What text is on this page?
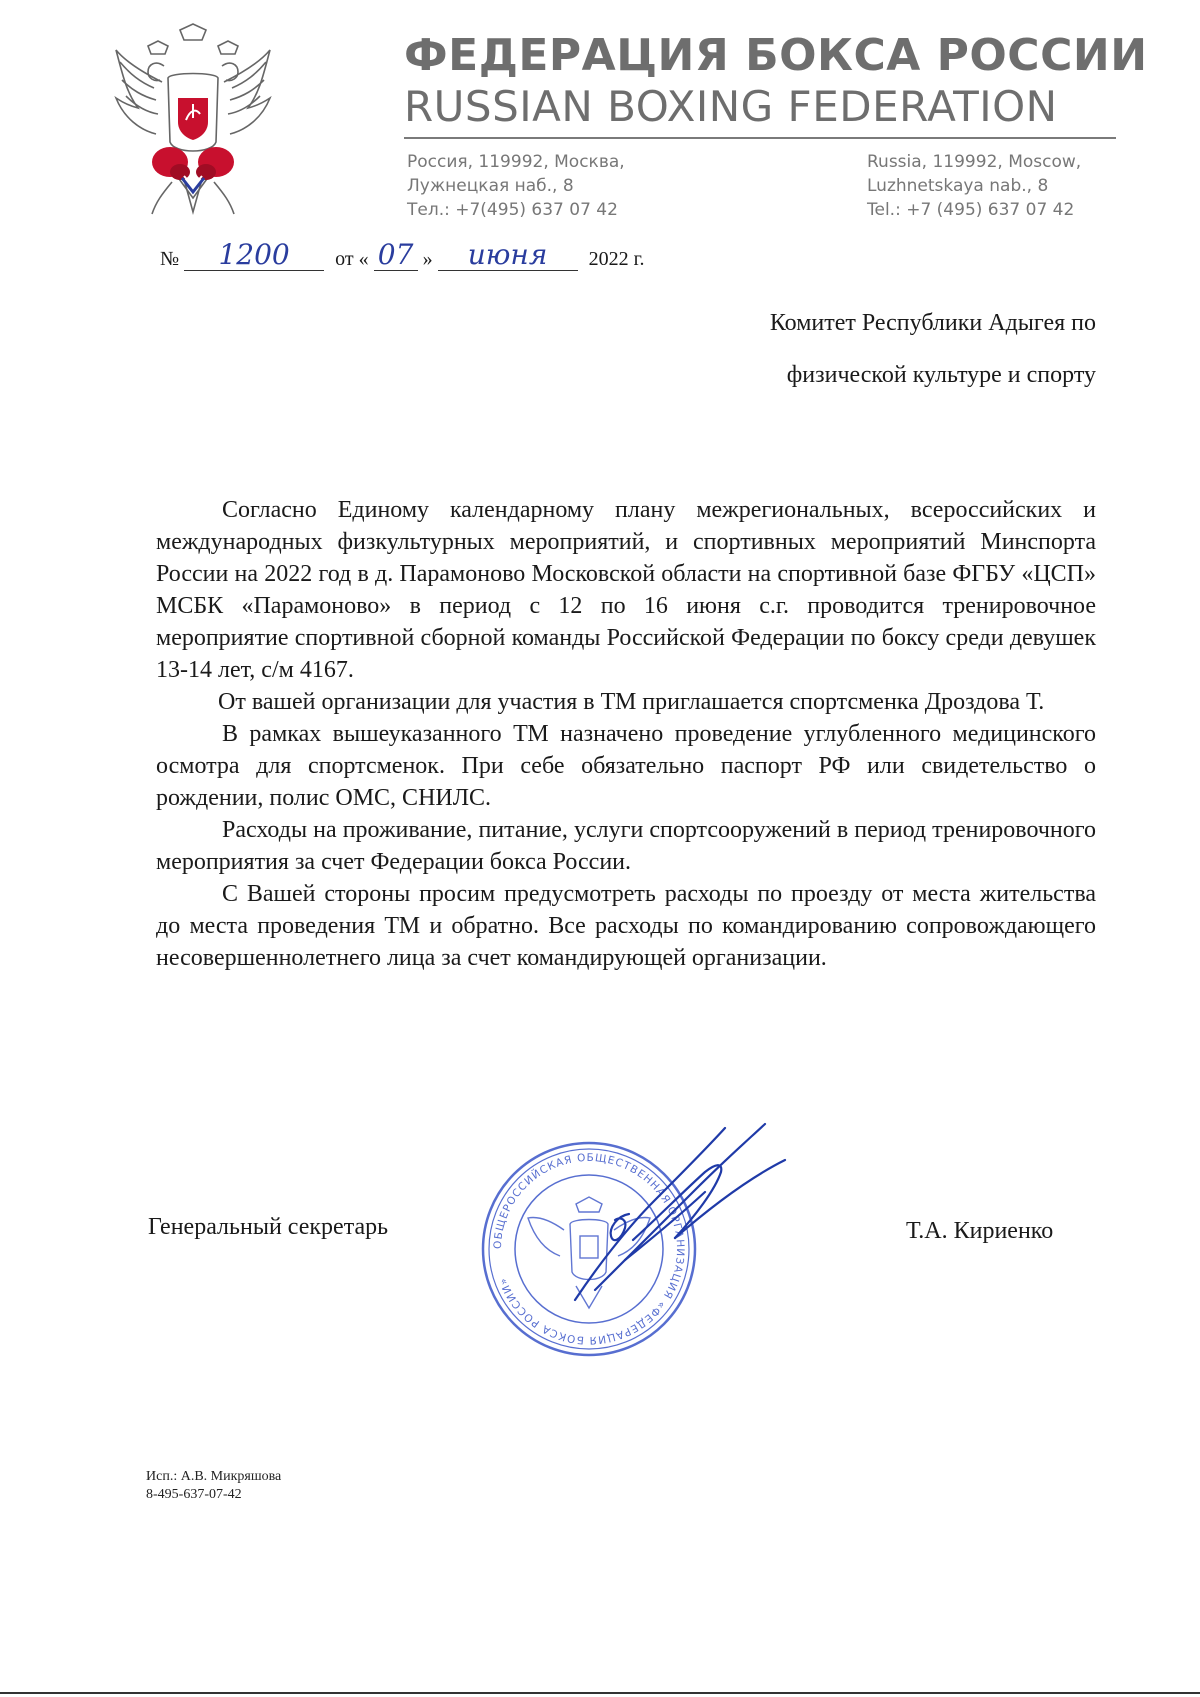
ФЕДЕРАЦИЯ БОКСА РОССИИ
RUSSIAN BOXING FEDERATION
Россия, 119992, Москва,
Лужнецкая наб., 8
Тел.: +7(495) 637 07 42
Russia, 119992, Moscow,
Luzhnetskaya nab., 8
Tel.: +7 (495) 637 07 42
№ 1200 от « 07 » июня 2022 г.
Комитет Республики Адыгея по
физической культуре и спорту

Согласно Единому календарному плану межрегиональных, всероссийских и международных физкультурных мероприятий, и спортивных мероприятий Минспорта России на 2022 год в д. Парамоново Московской области на спортивной базе ФГБУ «ЦСП» МСБК «Парамоново» в период с 12 по 16 июня с.г. проводится тренировочное мероприятие спортивной сборной команды Российской Федерации по боксу среди девушек 13-14 лет, с/м 4167.

От вашей организации для участия в ТМ приглашается спортсменка Дроздова Т.

В рамках вышеуказанного ТМ назначено проведение углубленного медицинского осмотра для спортсменок. При себе обязательно паспорт РФ или свидетельство о рождении, полис ОМС, СНИЛС.

Расходы на проживание, питание, услуги спортсооружений в период тренировочного мероприятия за счет Федерации бокса России.

С Вашей стороны просим предусмотреть расходы по проезду от места жительства до места проведения ТМ и обратно. Все расходы по командированию сопровождающего несовершеннолетнего лица за счет командирующей организации.

Генеральный секретарь
ОБЩЕРОССИЙСКАЯ ОБЩЕСТВЕННАЯ ОРГАНИЗАЦИЯ «ФЕДЕРАЦИЯ БОКСА РОССИИ»
Т.А. Кириенко
Исп.: А.В. Микряшова
8-495-637-07-42
